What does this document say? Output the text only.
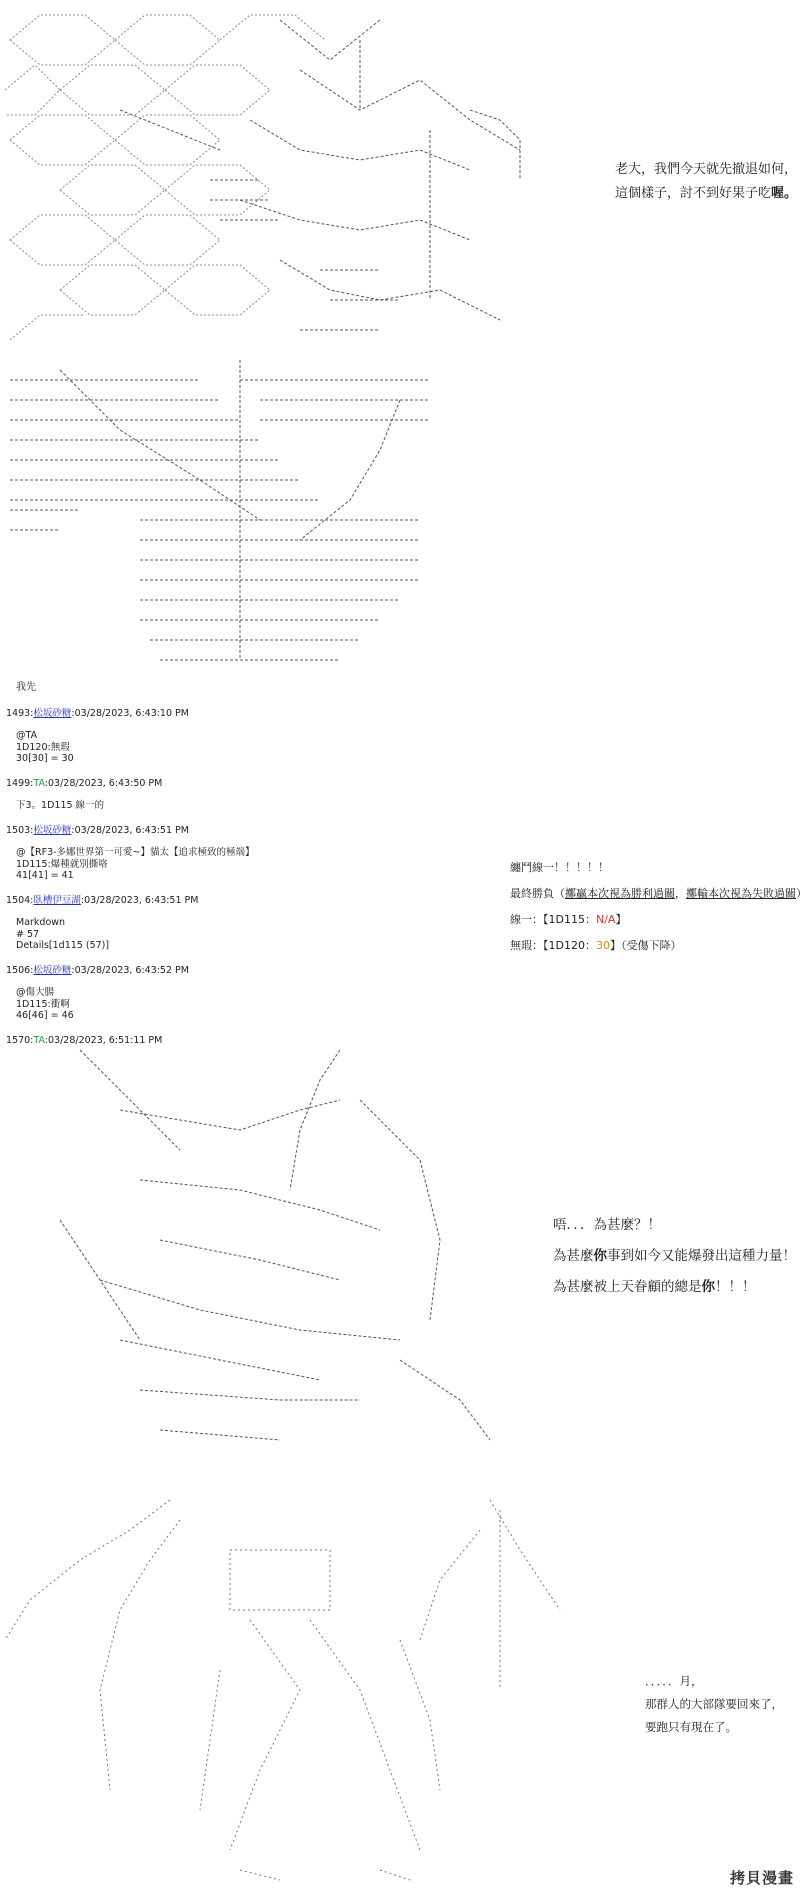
老大，我們今天就先撤退如何，
這個樣子，討不到好果子吃喔。
纏鬥線一！！！！！
最終勝負（擲贏本次視為勝利過關，擲輸本次視為失敗過關）
線一：【1D115：N/A】
無瑕：【1D120：30】（受傷下降）
我先
1493:松坂砂糖:03/28/2023, 6:43:10 PM
@TA
1D120:無瑕
30[30] = 30
1499:TA:03/28/2023, 6:43:50 PM
下3。1D115 線一的
1503:松坂砂糖:03/28/2023, 6:43:51 PM
@【RF3-多娜世界第一可愛~】貓太【追求極致的極端】
1D115:爆種就別撕咯
41[41] = 41
1504:臥槽伊豆湖:03/28/2023, 6:43:51 PM
Markdown
# 57
Details[1d115 (57)]
1506:松坂砂糖:03/28/2023, 6:43:52 PM
@傷大腸
1D115:衝啊
46[46] = 46
1570:TA:03/28/2023, 6:51:11 PM
唔．．．為甚麼？！
為甚麼你事到如今又能爆發出這種力量！
為甚麼被上天眷顧的總是你！！！
．．．．．月，
那群人的大部隊要回來了，
要跑只有現在了。
拷貝漫畫
